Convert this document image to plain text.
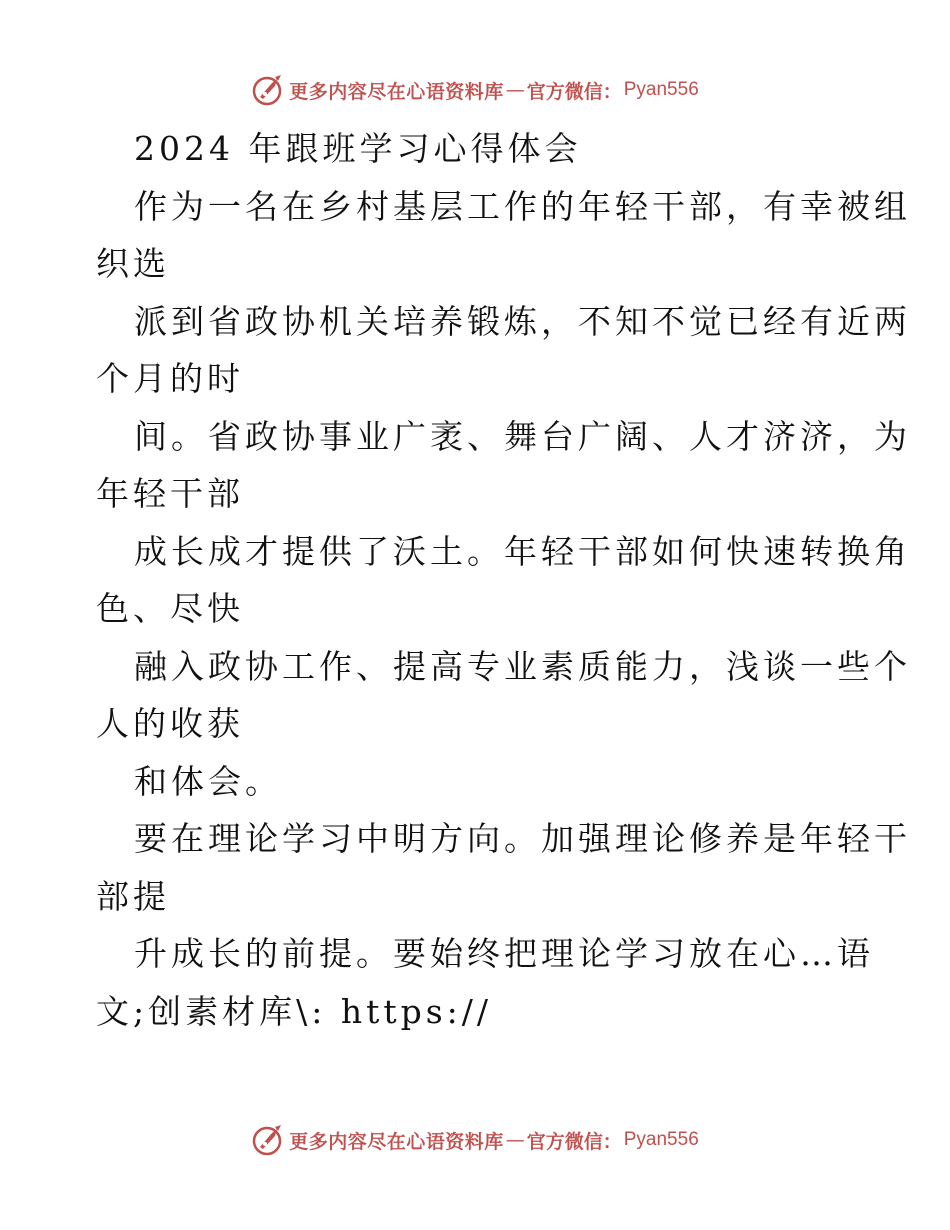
更多内容尽在心语资料库 — 官方微信： Pyan556
2024 年跟班学习心得体会
作为一名在乡村基层工作的年轻干部，有幸被组
织选
派到省政协机关培养锻炼，不知不觉已经有近两
个月的时
间。省政协事业广袤、舞台广阔、人才济济，为
年轻干部
成长成才提供了沃土。年轻干部如何快速转换角
色、尽快
融入政协工作、提高专业素质能力，浅谈一些个
人的收获
和体会。
要在理论学习中明方向。加强理论修养是年轻干
部提
升成长的前提。要始终把理论学习放在心…语
文;创素材库\: https://
更多内容尽在心语资料库 — 官方微信： Pyan556
